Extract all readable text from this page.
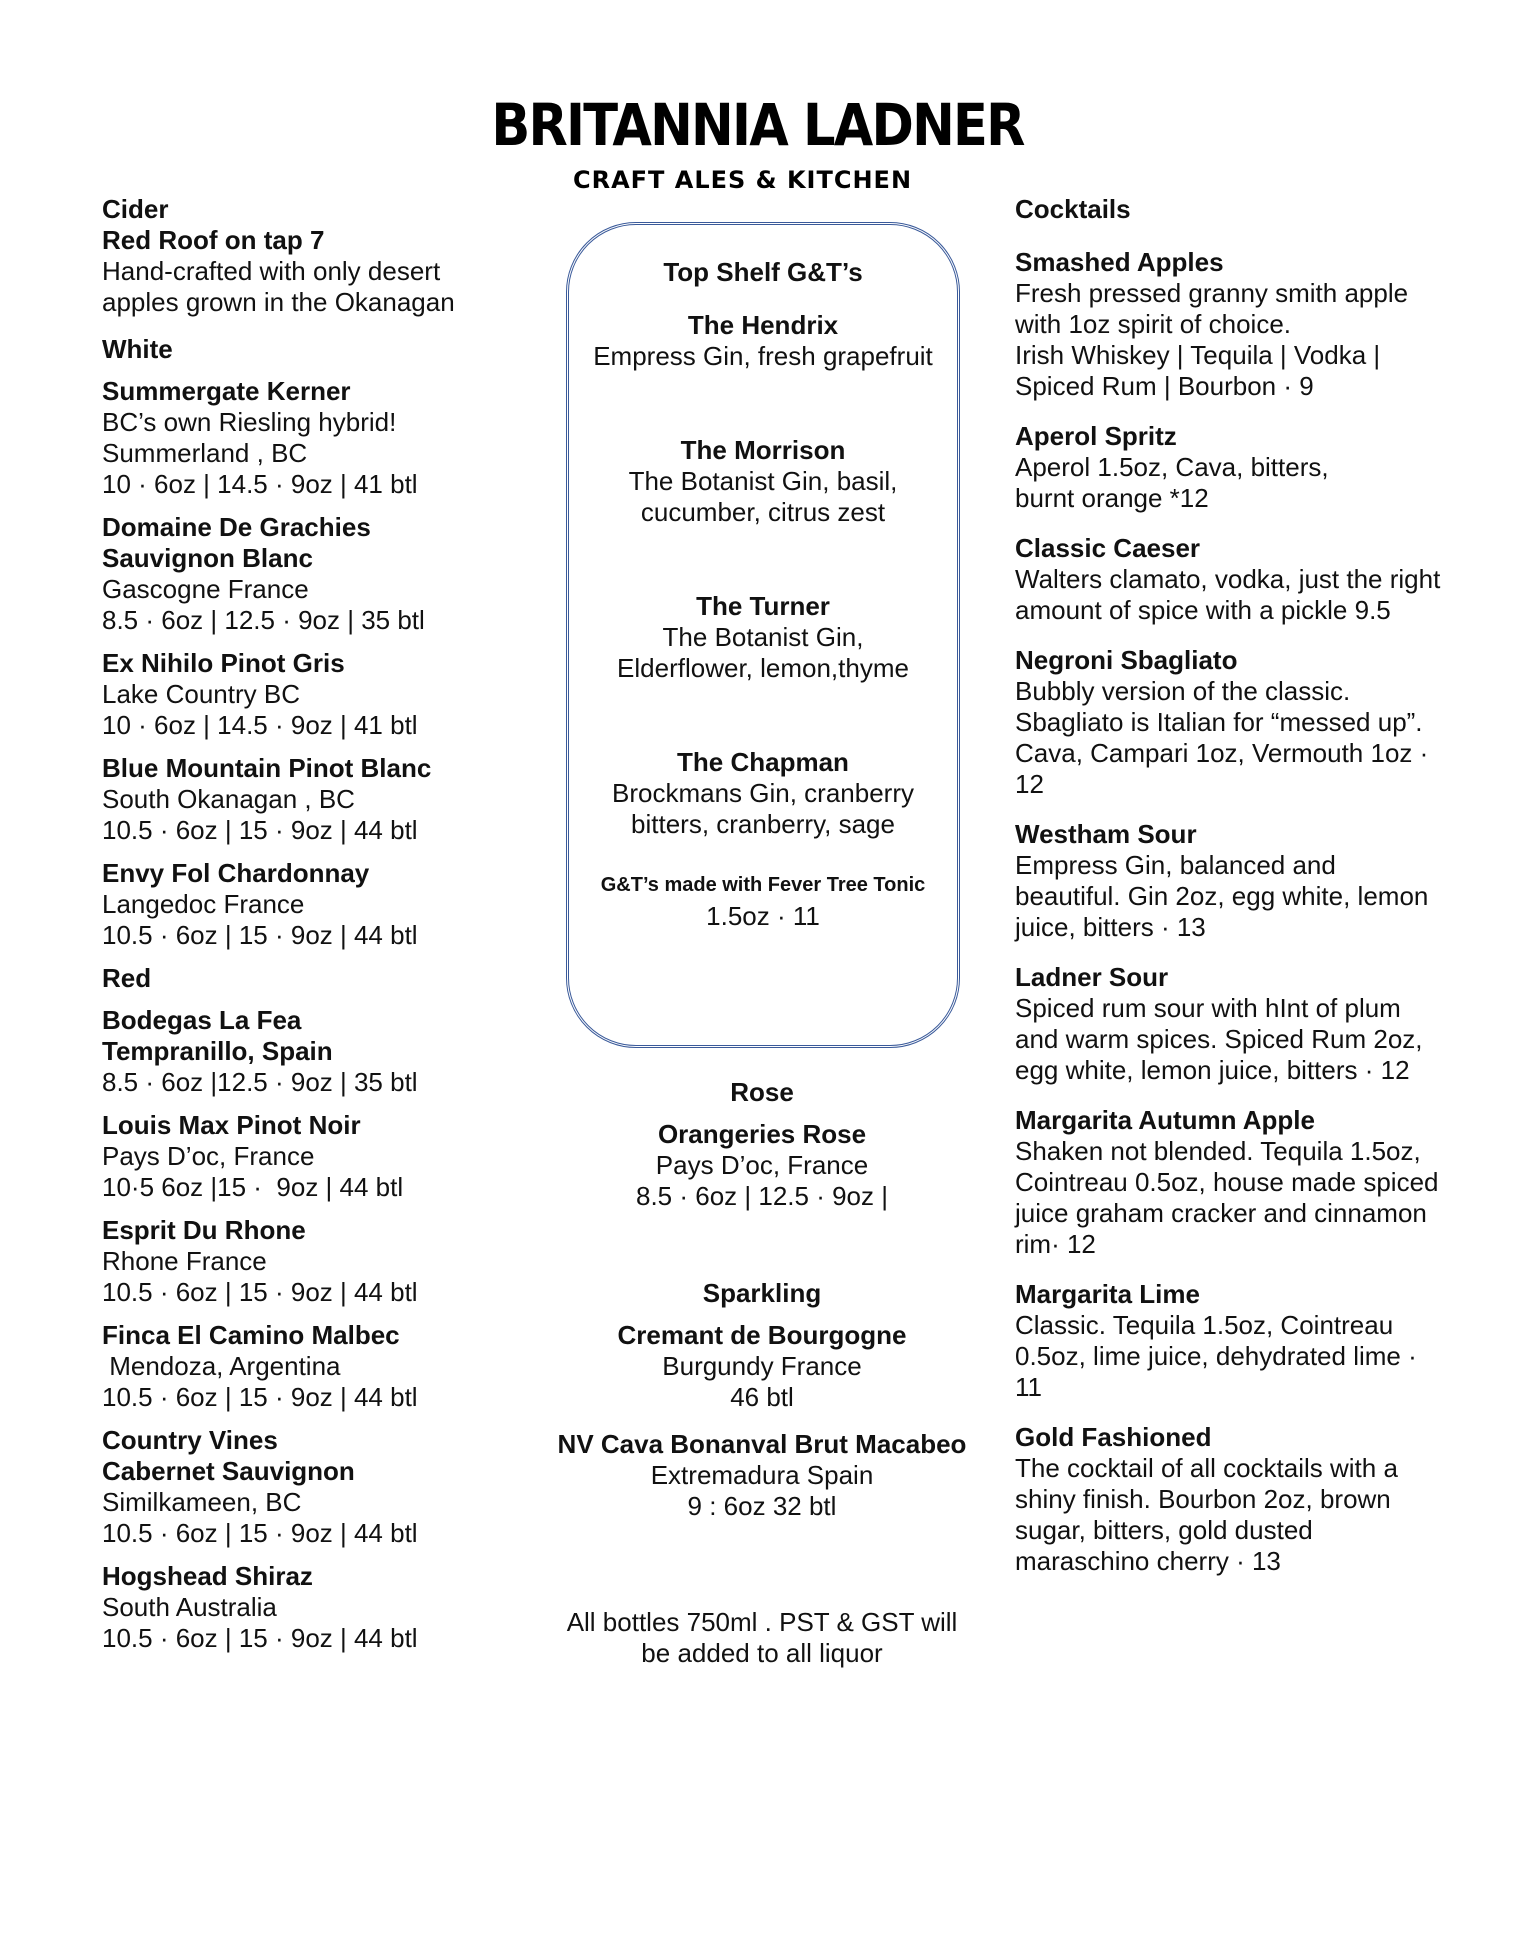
BRITANNIA LADNER
CRAFT ALES & KITCHEN
Cider
Red Roof on tap 7
Hand-crafted with only desert
apples grown in the Okanagan
White
Summergate Kerner
BC’s own Riesling hybrid!
Summerland , BC
10 · 6oz | 14.5 · 9oz | 41 btl
Domaine De Grachies
Sauvignon Blanc
Gascogne France
8.5 · 6oz | 12.5 · 9oz | 35 btl
Ex Nihilo Pinot Gris
Lake Country BC
10 · 6oz | 14.5 · 9oz | 41 btl
Blue Mountain Pinot Blanc
South Okanagan , BC
10.5 · 6oz | 15 · 9oz | 44 btl
Envy Fol Chardonnay
Langedoc France
10.5 · 6oz | 15 · 9oz | 44 btl
Red
Bodegas La Fea
Tempranillo, Spain
8.5 · 6oz |12.5 · 9oz | 35 btl
Louis Max Pinot Noir
Pays D’oc, France
10·5 6oz |15 ·  9oz | 44 btl
Esprit Du Rhone
Rhone France
10.5 · 6oz | 15 · 9oz | 44 btl
Finca El Camino Malbec
Mendoza, Argentina
10.5 · 6oz | 15 · 9oz | 44 btl
Country Vines
Cabernet Sauvignon
Similkameen, BC
10.5 · 6oz | 15 · 9oz | 44 btl
Hogshead Shiraz
South Australia
10.5 · 6oz | 15 · 9oz | 44 btl
Top Shelf G&T’s
The Hendrix
Empress Gin, fresh grapefruit
The Morrison
The Botanist Gin, basil,
cucumber, citrus zest
The Turner
The Botanist Gin,
Elderflower, lemon,thyme
The Chapman
Brockmans Gin, cranberry
bitters, cranberry, sage
G&T’s made with Fever Tree Tonic
1.5oz · 11
Rose
Orangeries Rose
Pays D’oc, France
8.5 · 6oz | 12.5 · 9oz |
Sparkling
Cremant de Bourgogne
Burgundy France
46 btl
NV Cava Bonanval Brut Macabeo
Extremadura Spain
9 : 6oz 32 btl
All bottles 750ml . PST & GST will
be added to all liquor
Cocktails
Smashed Apples
Fresh pressed granny smith apple
with 1oz spirit of choice.
Irish Whiskey | Tequila | Vodka |
Spiced Rum | Bourbon · 9
Aperol Spritz
Aperol 1.5oz, Cava, bitters,
burnt orange *12
Classic Caeser
Walters clamato, vodka, just the right
amount of spice with a pickle 9.5
Negroni Sbagliato
Bubbly version of the classic.
Sbagliato is Italian for “messed up”.
Cava, Campari 1oz, Vermouth 1oz ·
12
Westham Sour
Empress Gin, balanced and
beautiful. Gin 2oz, egg white, lemon
juice, bitters · 13
Ladner Sour
Spiced rum sour with hInt of plum
and warm spices. Spiced Rum 2oz,
egg white, lemon juice, bitters · 12
Margarita Autumn Apple
Shaken not blended. Tequila 1.5oz,
Cointreau 0.5oz, house made spiced
juice graham cracker and cinnamon
rim· 12
Margarita Lime
Classic. Tequila 1.5oz, Cointreau
0.5oz, lime juice, dehydrated lime ·
11
Gold Fashioned
The cocktail of all cocktails with a
shiny finish. Bourbon 2oz, brown
sugar, bitters, gold dusted
maraschino cherry · 13
